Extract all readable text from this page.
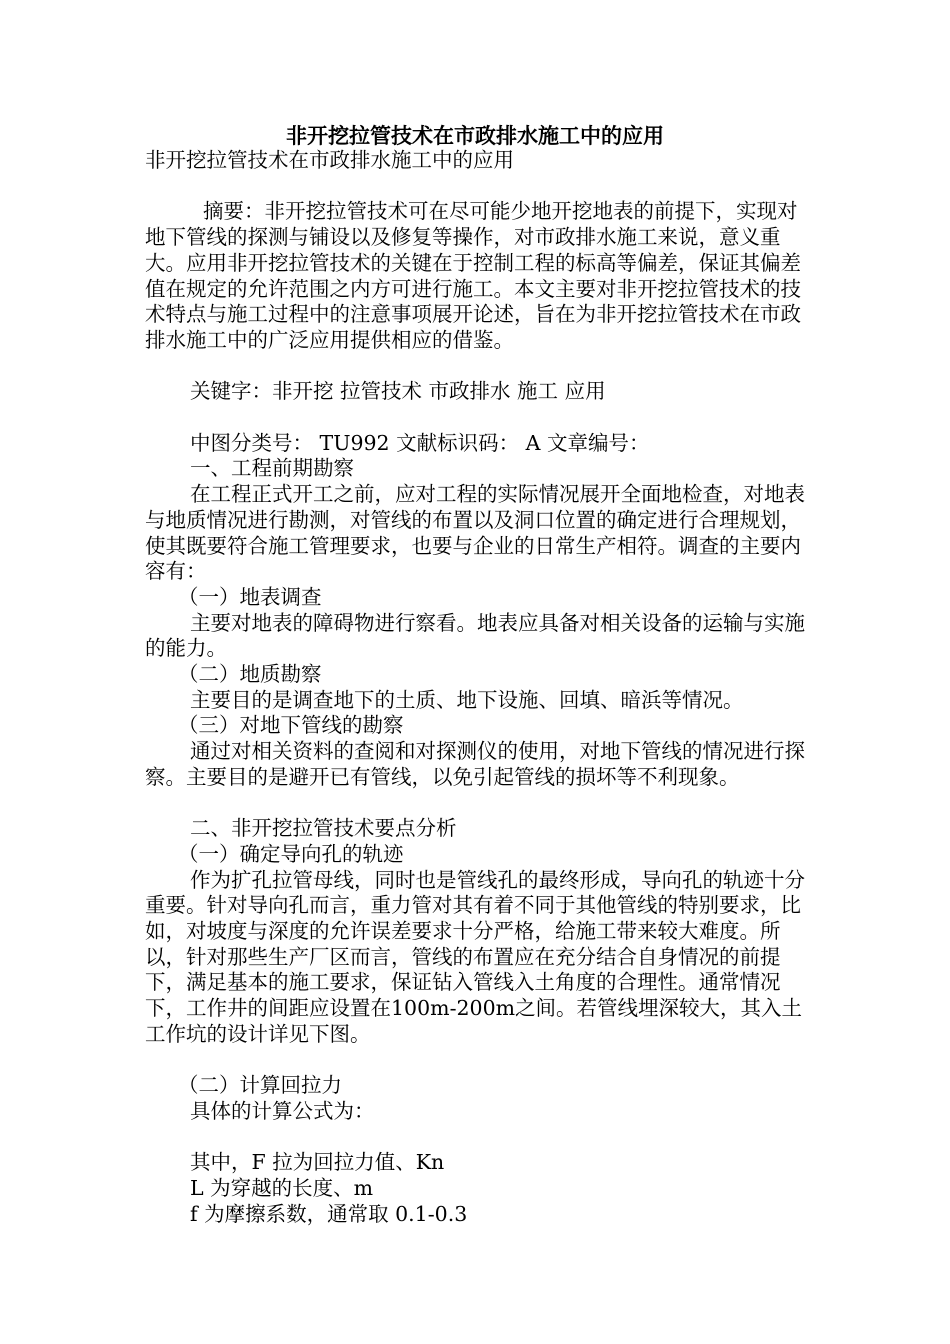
非开挖拉管技术在市政排水施工中的应用

非开挖拉管技术在市政排水施工中的应用

摘要：非开挖拉管技术可在尽可能少地开挖地表的前提下，实现对地下管线的探测与铺设以及修复等操作，对市政排水施工来说，意义重大。应用非开挖拉管技术的关键在于控制工程的标高等偏差，保证其偏差值在规定的允许范围之内方可进行施工。本文主要对非开挖拉管技术的技术特点与施工过程中的注意事项展开论述，旨在为非开挖拉管技术在市政排水施工中的广泛应用提供相应的借鉴。

关键字：非开挖 拉管技术 市政排水 施工 应用

中图分类号： TU992 文献标识码： A 文章编号：

一、工程前期勘察

在工程正式开工之前，应对工程的实际情况展开全面地检查，对地表与地质情况进行勘测，对管线的布置以及洞口位置的确定进行合理规划，使其既要符合施工管理要求，也要与企业的日常生产相符。调查的主要内容有：

（一）地表调查

主要对地表的障碍物进行察看。地表应具备对相关设备的运输与实施的能力。

（二）地质勘察

主要目的是调查地下的土质、地下设施、回填、暗浜等情况。

（三）对地下管线的勘察

通过对相关资料的查阅和对探测仪的使用，对地下管线的情况进行探察。主要目的是避开已有管线，以免引起管线的损坏等不利现象。

二、非开挖拉管技术要点分析

（一）确定导向孔的轨迹

作为扩孔拉管母线，同时也是管线孔的最终形成，导向孔的轨迹十分重要。针对导向孔而言，重力管对其有着不同于其他管线的特别要求，比如，对坡度与深度的允许误差要求十分严格，给施工带来较大难度。所以，针对那些生产厂区而言，管线的布置应在充分结合自身情况的前提下，满足基本的施工要求，保证钻入管线入土角度的合理性。通常情况下，工作井的间距应设置在100m-200m之间。若管线埋深较大，其入土工作坑的设计详见下图。

（二）计算回拉力

具体的计算公式为：

其中，F 拉为回拉力值、Kn

L 为穿越的长度、m

f 为摩擦系数，通常取 0.1-0.3
